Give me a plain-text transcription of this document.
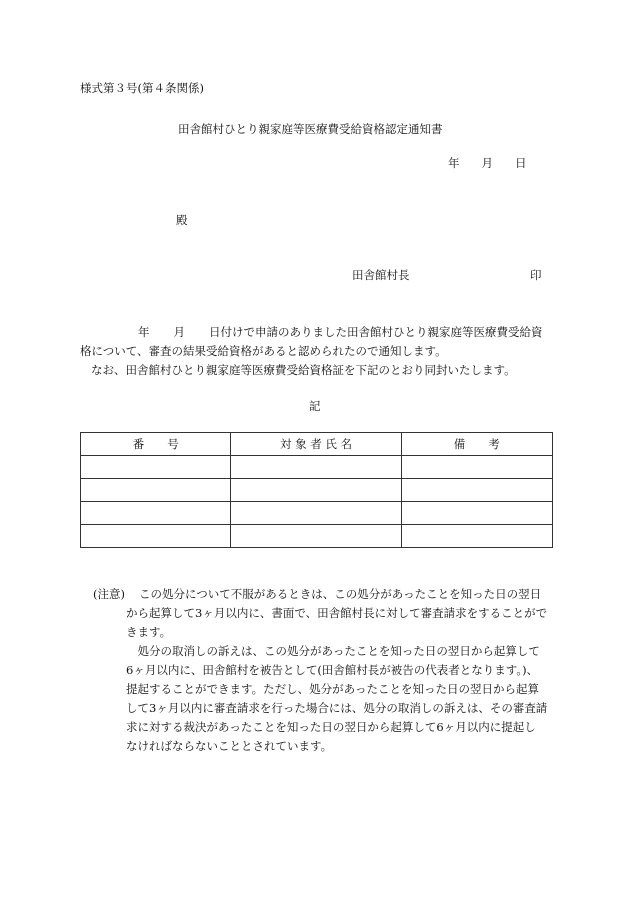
様式第３号(第４条関係)
田舎館村ひとり親家庭等医療費受給資格認定通知書
年 月 日
殿
田舎館村長	印
年 月 日付けで申請のありました田舎館村ひとり親家庭等医療費受給資
格について、審査の結果受給資格があると認められたので通知します。
なお、田舎館村ひとり親家庭等医療費受給資格証を下記のとおり同封いたします。
記
番　　号	対 象 者 氏 名	備　　考

(注意) この処分について不服があるときは、この処分があったことを知った日の翌日
から起算して3ヶ月以内に、書面で、田舎館村長に対して審査請求をすることがで
きます。
　処分の取消しの訴えは、この処分があったことを知った日の翌日から起算して
6ヶ月以内に、田舎館村を被告として(田舎館村長が被告の代表者となります。)、
提起することができます。ただし、処分があったことを知った日の翌日から起算
して3ヶ月以内に審査請求を行った場合には、処分の取消しの訴えは、その審査請
求に対する裁決があったことを知った日の翌日から起算して6ヶ月以内に提起し
なければならないこととされています。
